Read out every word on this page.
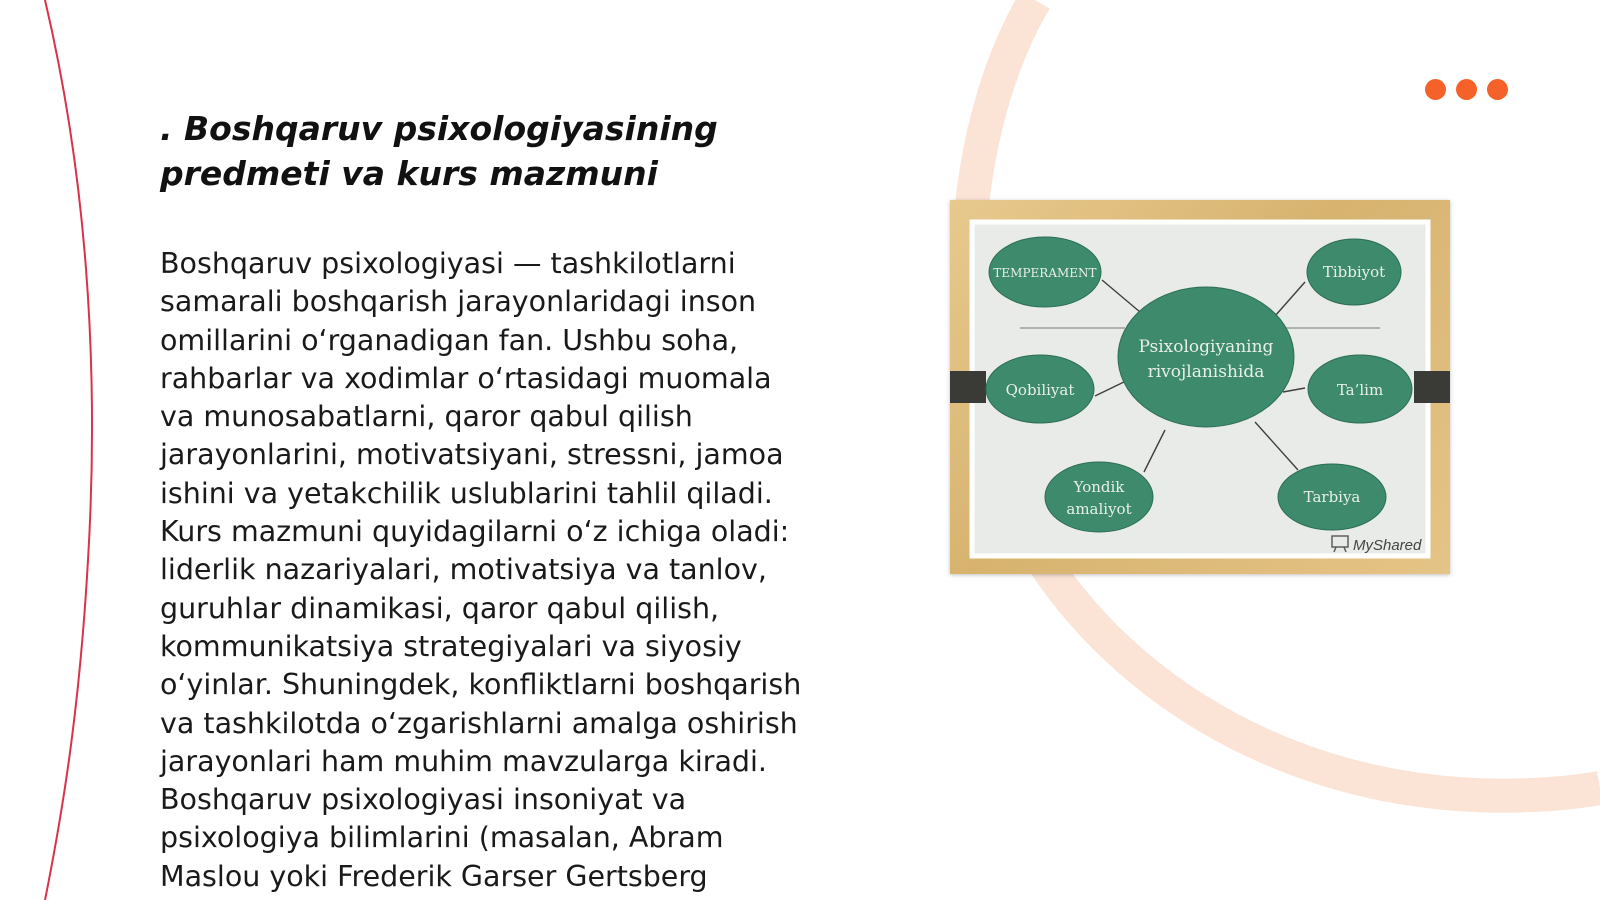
. Boshqaruv psixologiyasining
predmeti va kurs mazmuni

Boshqaruv psixologiyasi — tashkilotlarni
samarali boshqarish jarayonlaridagi inson
omillarini o‘rganadigan fan. Ushbu soha,
rahbarlar va xodimlar o‘rtasidagi muomala
va munosabatlarni, qaror qabul qilish
jarayonlarini, motivatsiyani, stressni, jamoa
ishini va yetakchilik uslublarini tahlil qiladi.
Kurs mazmuni quyidagilarni o‘z ichiga oladi:
liderlik nazariyalari, motivatsiya va tanlov,
guruhlar dinamikasi, qaror qabul qilish,
kommunikatsiya strategiyalari va siyosiy
o‘yinlar. Shuningdek, konfliktlarni boshqarish
va tashkilotda o‘zgarishlarni amalga oshirish
jarayonlari ham muhim mavzularga kiradi.
Boshqaruv psixologiyasi insoniyat va
psixologiya bilimlarini (masalan, Abram
Maslou yoki Frederik Garser Gertsberg

Psixologiyaning
rivojlanishida
TEMPERAMENT	Tibbiyot
Qobiliyat	Ta’lim
Yondik
amaliyot
Tarbiya
MyShared
